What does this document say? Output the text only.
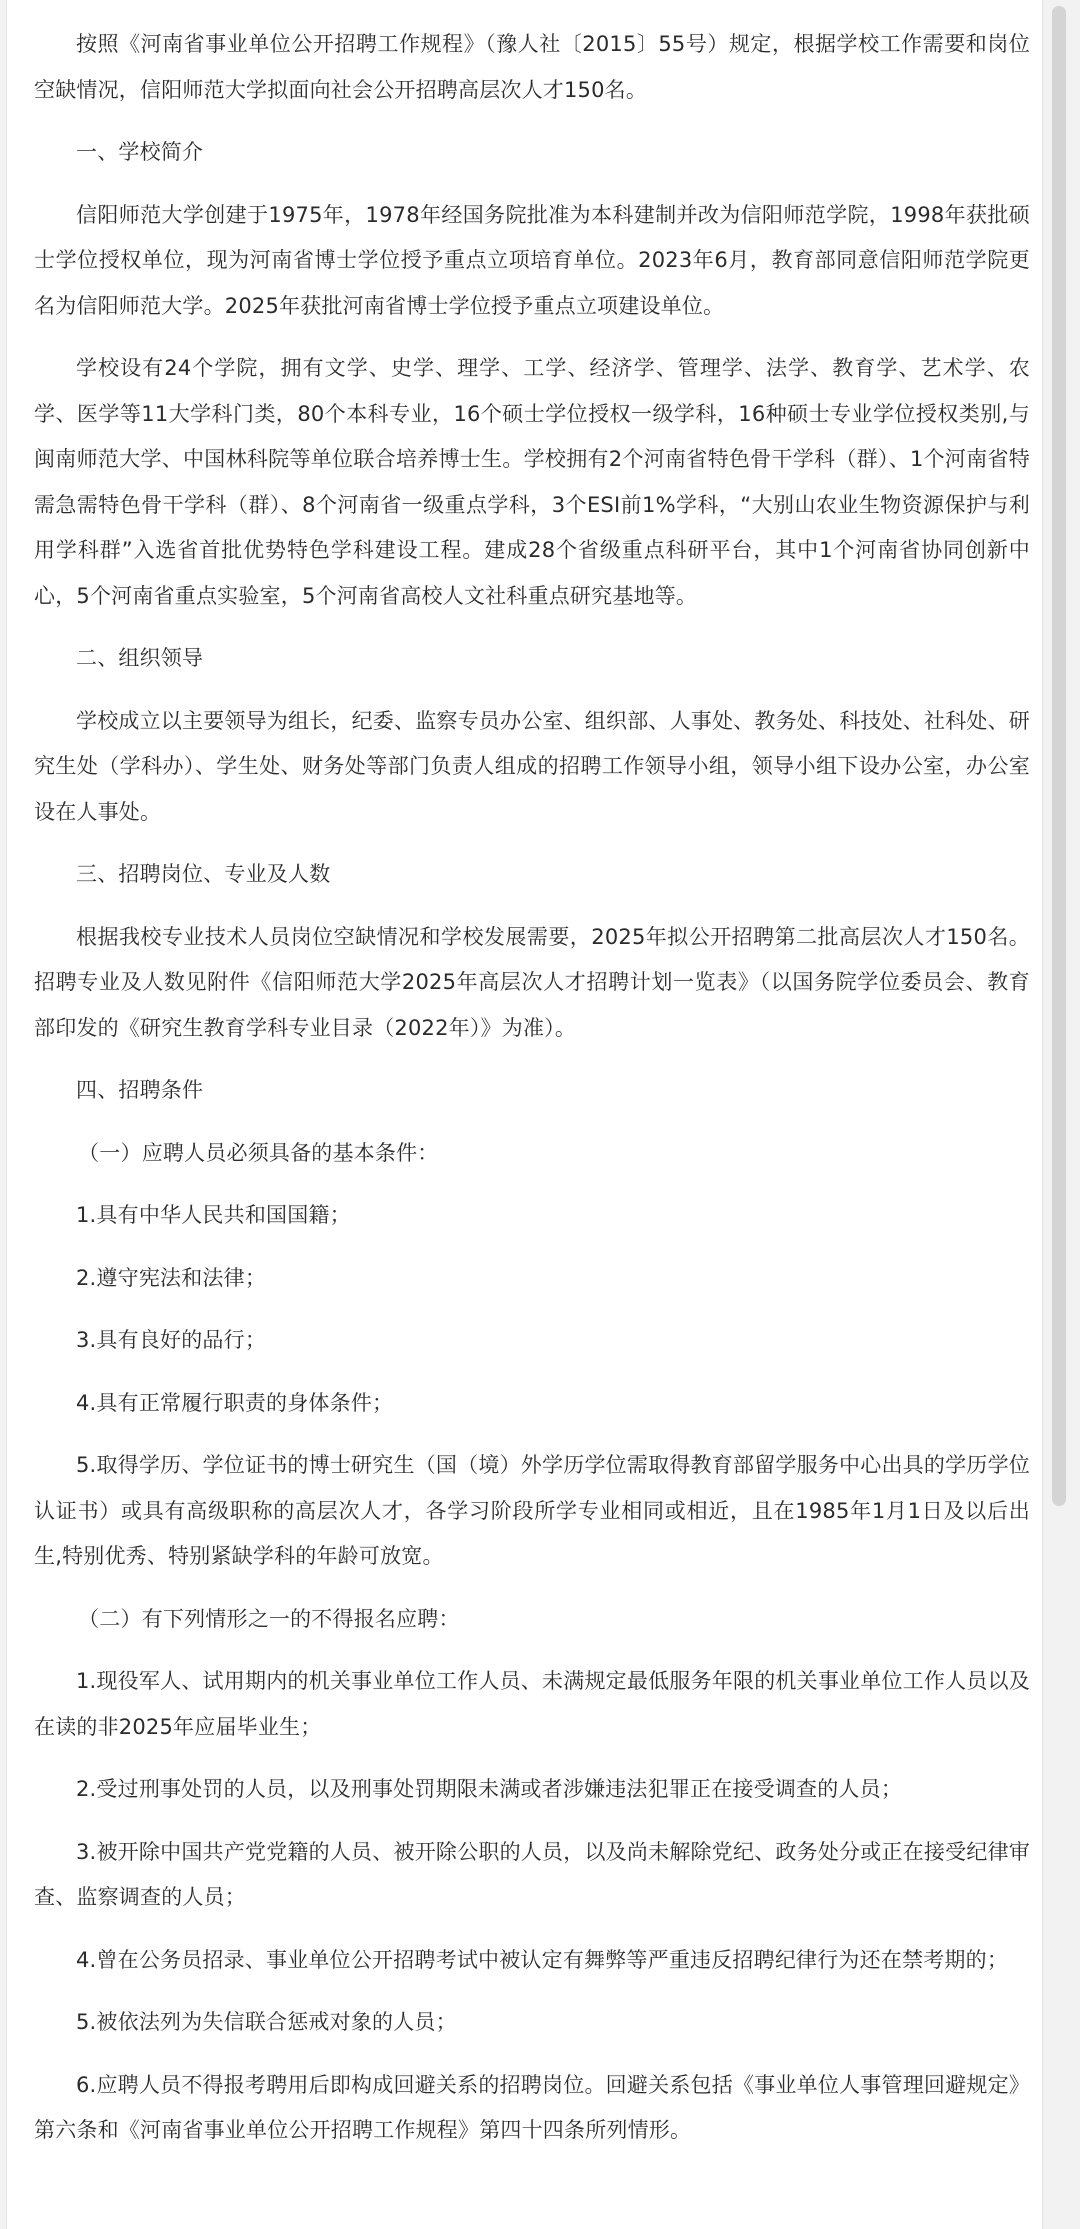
按照《河南省事业单位公开招聘工作规程》（豫人社〔2015〕55号）规定，根据学校工作需要和岗位空缺情况，信阳师范大学拟面向社会公开招聘高层次人才150名。

一、学校简介

信阳师范大学创建于1975年，1978年经国务院批准为本科建制并改为信阳师范学院，1998年获批硕士学位授权单位，现为河南省博士学位授予重点立项培育单位。2023年6月，教育部同意信阳师范学院更名为信阳师范大学。2025年获批河南省博士学位授予重点立项建设单位。

学校设有24个学院，拥有文学、史学、理学、工学、经济学、管理学、法学、教育学、艺术学、农学、医学等11大学科门类，80个本科专业，16个硕士学位授权一级学科，16种硕士专业学位授权类别,与闽南师范大学、中国林科院等单位联合培养博士生。学校拥有2个河南省特色骨干学科（群）、1个河南省特需急需特色骨干学科（群）、8个河南省一级重点学科，3个ESI前1%学科，“大别山农业生物资源保护与利用学科群”入选省首批优势特色学科建设工程。建成28个省级重点科研平台，其中1个河南省协同创新中心，5个河南省重点实验室，5个河南省高校人文社科重点研究基地等。

二、组织领导

学校成立以主要领导为组长，纪委、监察专员办公室、组织部、人事处、教务处、科技处、社科处、研究生处（学科办）、学生处、财务处等部门负责人组成的招聘工作领导小组，领导小组下设办公室，办公室设在人事处。

三、招聘岗位、专业及人数

根据我校专业技术人员岗位空缺情况和学校发展需要，2025年拟公开招聘第二批高层次人才150名。招聘专业及人数见附件《信阳师范大学2025年高层次人才招聘计划一览表》（以国务院学位委员会、教育部印发的《研究生教育学科专业目录（2022年）》为准）。

四、招聘条件

（一）应聘人员必须具备的基本条件：

1.具有中华人民共和国国籍；

2.遵守宪法和法律；

3.具有良好的品行；

4.具有正常履行职责的身体条件；

5.取得学历、学位证书的博士研究生（国（境）外学历学位需取得教育部留学服务中心出具的学历学位认证书）或具有高级职称的高层次人才，各学习阶段所学专业相同或相近，且在1985年1月1日及以后出生,特别优秀、特别紧缺学科的年龄可放宽。

（二）有下列情形之一的不得报名应聘：

1.现役军人、试用期内的机关事业单位工作人员、未满规定最低服务年限的机关事业单位工作人员以及在读的非2025年应届毕业生；

2.受过刑事处罚的人员，以及刑事处罚期限未满或者涉嫌违法犯罪正在接受调查的人员；

3.被开除中国共产党党籍的人员、被开除公职的人员，以及尚未解除党纪、政务处分或正在接受纪律审查、监察调查的人员；

4.曾在公务员招录、事业单位公开招聘考试中被认定有舞弊等严重违反招聘纪律行为还在禁考期的；

5.被依法列为失信联合惩戒对象的人员；

6.应聘人员不得报考聘用后即构成回避关系的招聘岗位。回避关系包括《事业单位人事管理回避规定》第六条和《河南省事业单位公开招聘工作规程》第四十四条所列情形。
